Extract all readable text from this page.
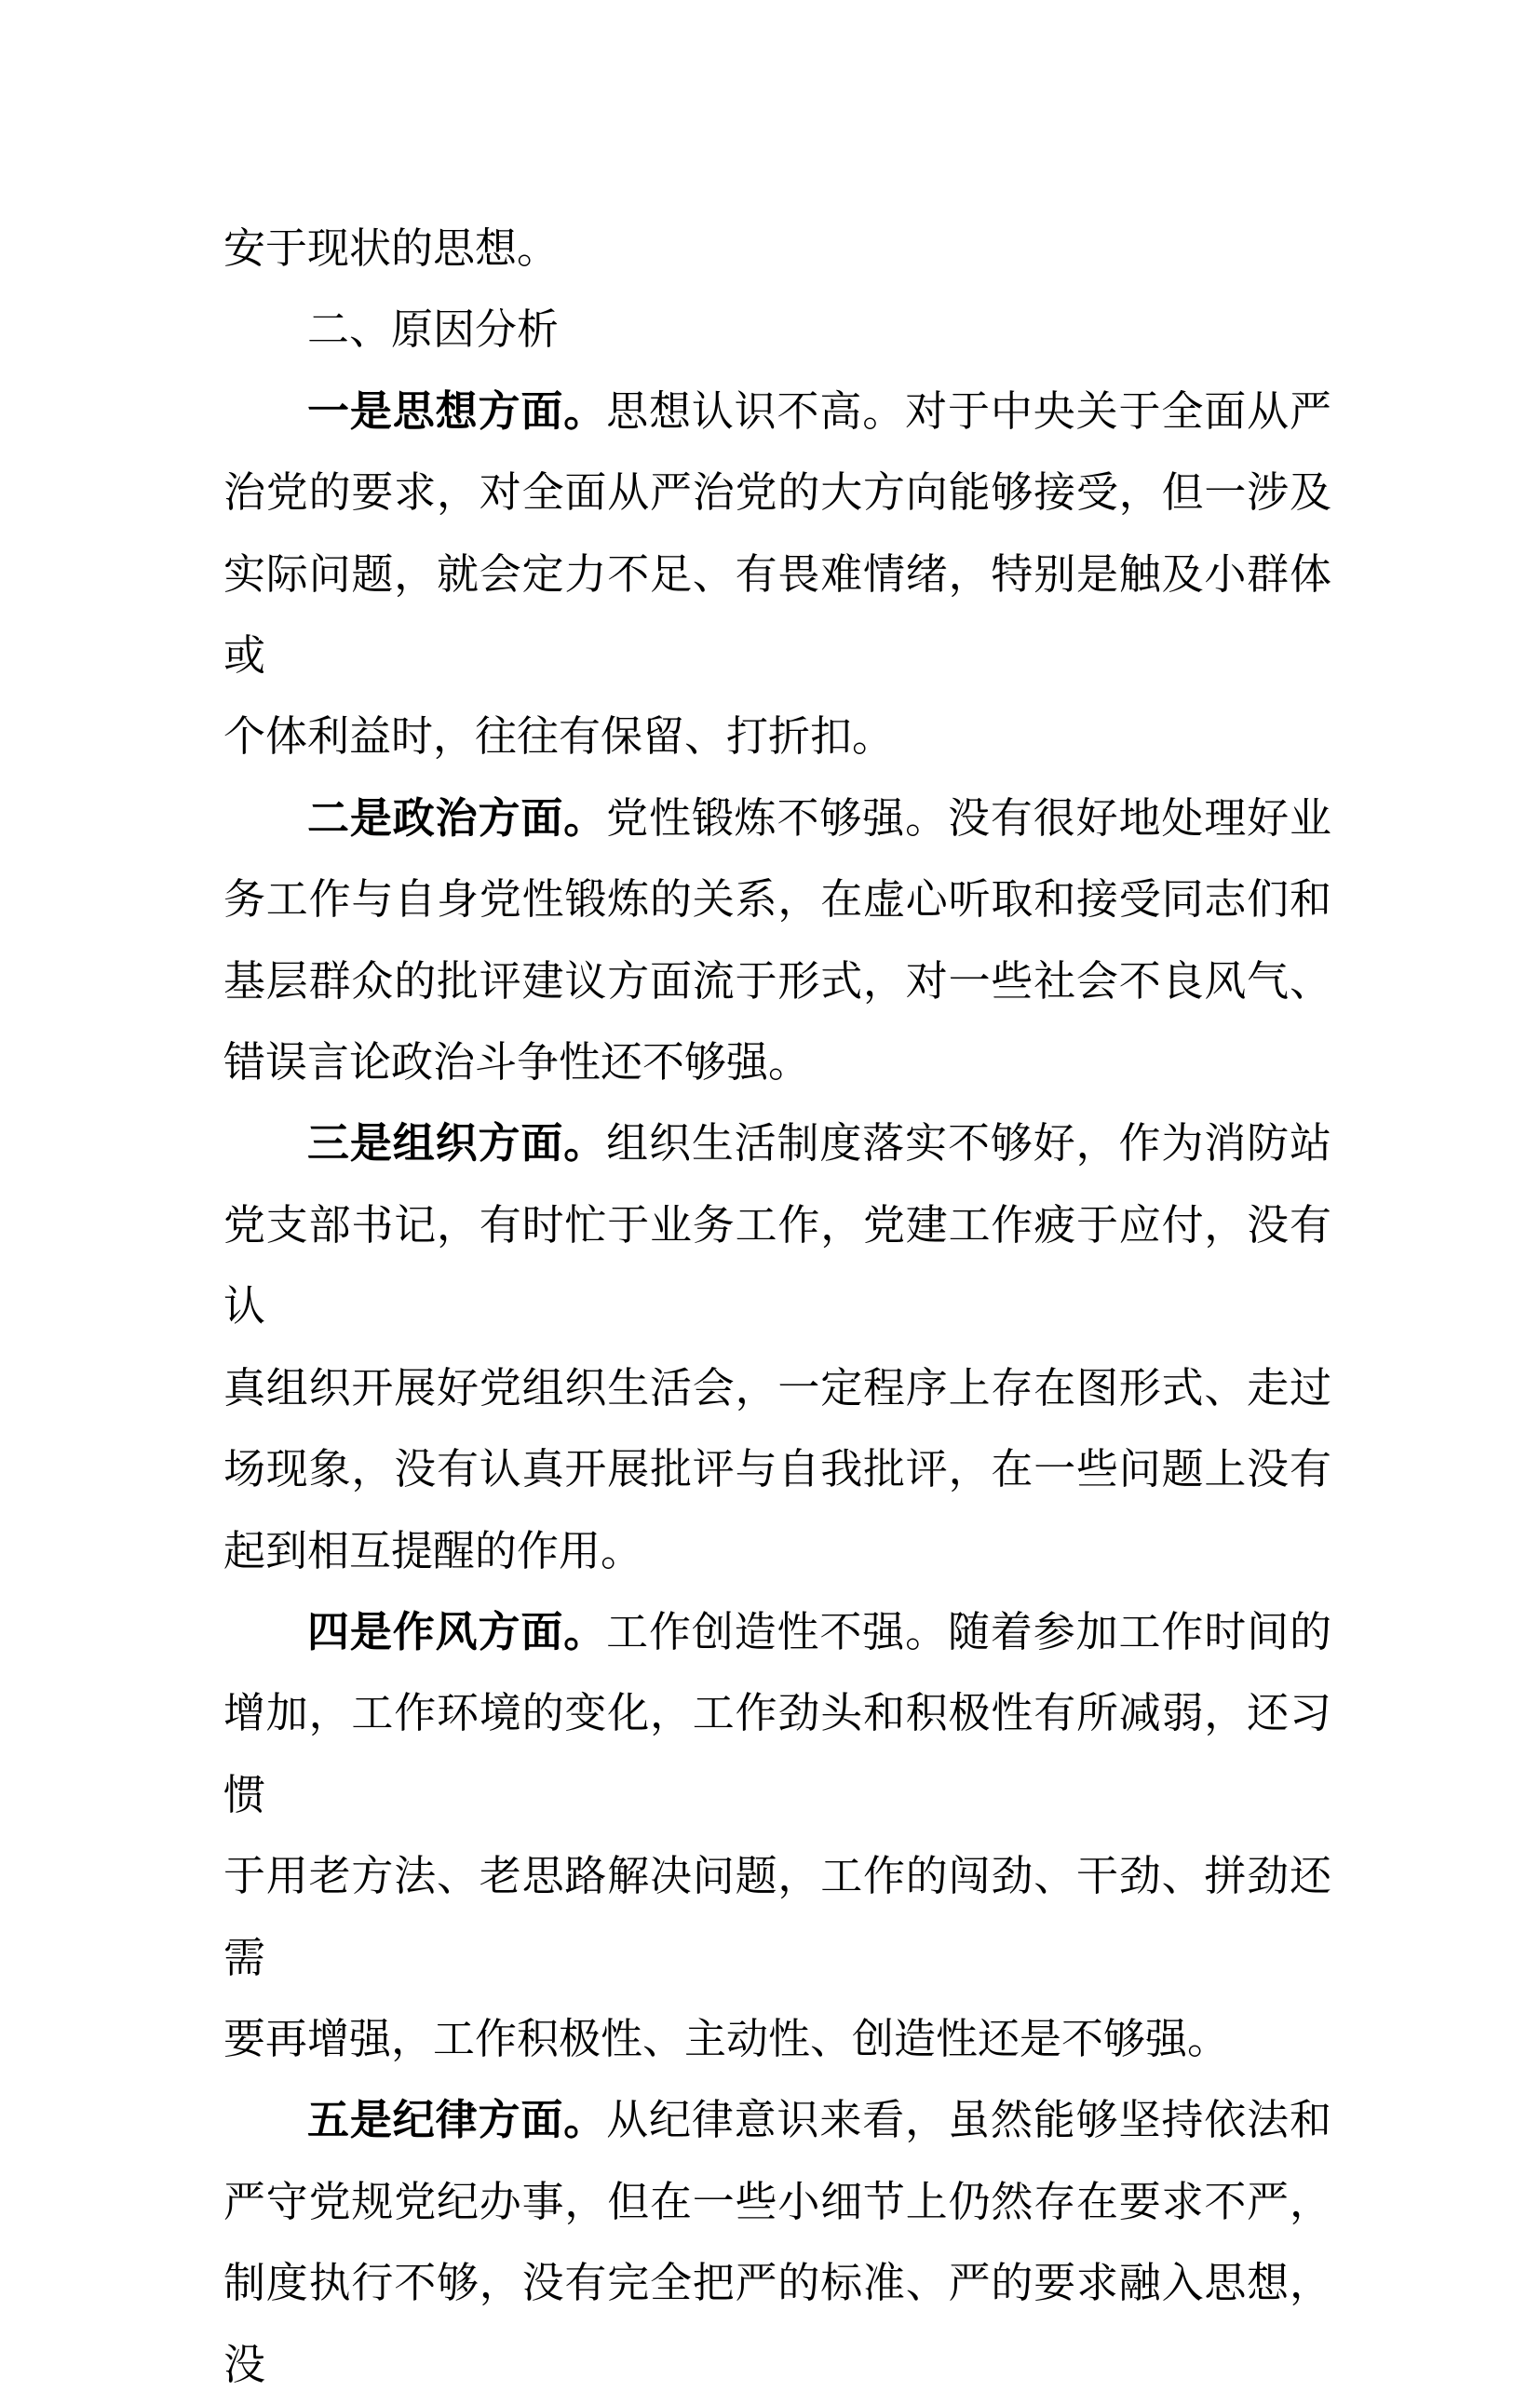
安于现状的思想。
二、原因分析
一是思想方面。思想认识不高。对于中央关于全面从严
治党的要求，对全面从严治党的大方向能够接受，但一涉及
实际问题，就会定力不足、有畏难情绪，特别是触及小群体或
个体利益时，往往有保留、打折扣。
二是政治方面。党性锻炼不够强。没有很好地处理好业
务工作与自身党性锻炼的关系，在虚心听取和接受同志们和
基层群众的批评建议方面流于形式，对一些社会不良风气、
错误言论政治斗争性还不够强。
三是组织方面。组织生活制度落实不够好，作为消防站
党支部书记，有时忙于业务工作，党建工作疲于应付，没有认
真组织开展好党组织生活会，一定程序上存在图形式、走过
场现象，没有认真开展批评与自我批评，在一些问题上没有
起到相互提醒的作用。
四是作风方面。工作创造性不强。随着参加工作时间的
增加，工作环境的变化，工作劲头和积极性有所减弱，还习惯
于用老方法、老思路解决问题，工作的闯劲、干劲、拼劲还需
要再增强，工作积极性、主动性、创造性还是不够强。
五是纪律方面。从纪律意识来看，虽然能够坚持依法和
严守党规党纪办事，但在一些小细节上仍然存在要求不严，
制度执行不够，没有完全把严的标准、严的要求融入思想，没
